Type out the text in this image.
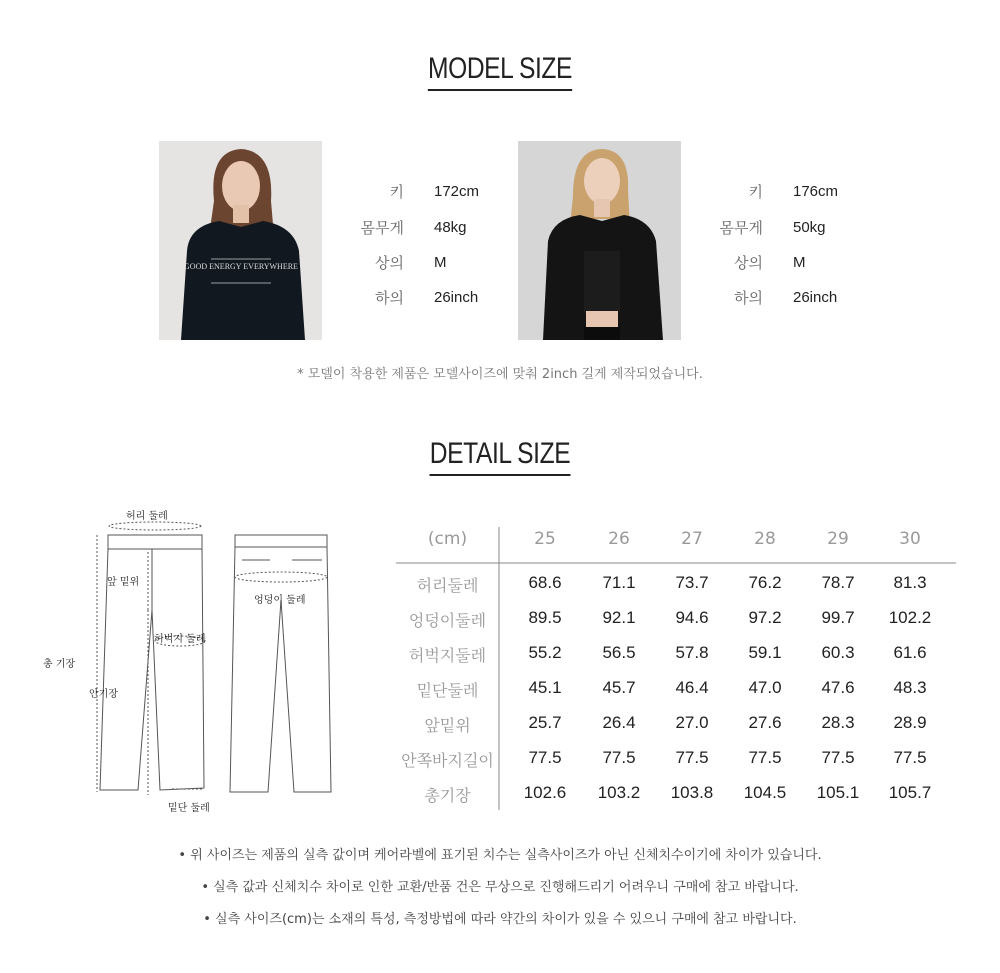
MODEL SIZE
GOOD ENERGY EVERYWHERE
키 172cm
몸무게 48kg
상의 M
하의 26inch
키 176cm
몸무게 50kg
상의 M
하의 26inch
* 모델이 착용한 제품은 모델사이즈에 맞춰 2inch 길게 제작되었습니다.
DETAIL SIZE
허리 둘레
앞 밑위
허벅지 둘레
총 기장
안기장
밑단 둘레
엉덩이 둘레
(cm)	25	26	27	28	29	30
허리둘레	68.6	71.1	73.7	76.2	78.7	81.3
엉덩이둘레	89.5	92.1	94.6	97.2	99.7	102.2
허벅지둘레	55.2	56.5	57.8	59.1	60.3	61.6
밑단둘레	45.1	45.7	46.4	47.0	47.6	48.3
앞밑위	25.7	26.4	27.0	27.6	28.3	28.9
안쪽바지길이	77.5	77.5	77.5	77.5	77.5	77.5
총기장	102.6	103.2	103.8	104.5	105.1	105.7
• 위 사이즈는 제품의 실측 값이며 케어라벨에 표기된 치수는 실측사이즈가 아닌 신체치수이기에 차이가 있습니다.
• 실측 값과 신체치수 차이로 인한 교환/반품 건은 무상으로 진행해드리기 어려우니 구매에 참고 바랍니다.
• 실측 사이즈(cm)는 소재의 특성, 측정방법에 따라 약간의 차이가 있을 수 있으니 구매에 참고 바랍니다.
